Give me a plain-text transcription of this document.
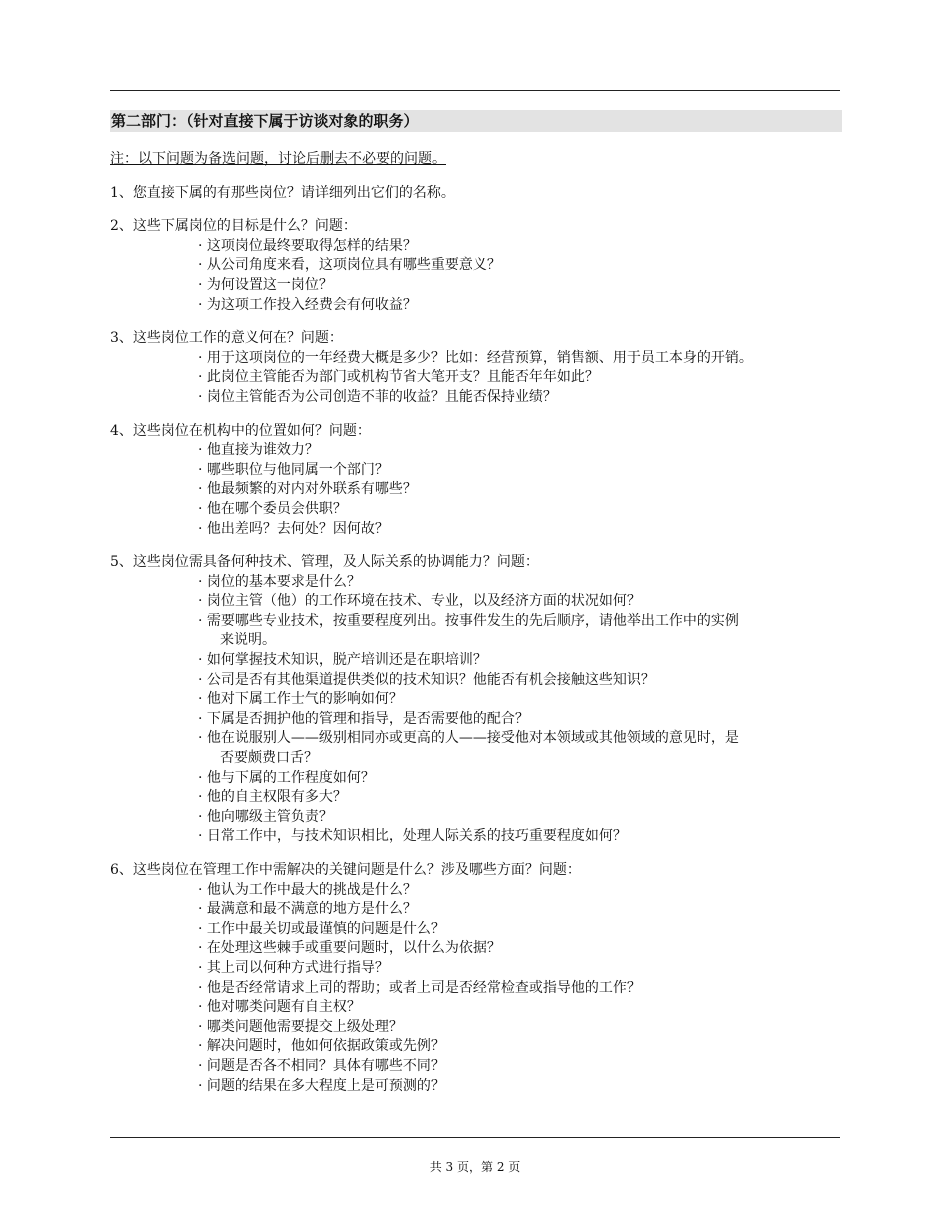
第二部门：（针对直接下属于访谈对象的职务）

注：以下问题为备选问题，讨论后删去不必要的问题。

1、您直接下属的有那些岗位？请详细列出它们的名称。

2、这些下属岗位的目标是什么？问题：

· 这项岗位最终要取得怎样的结果？
· 从公司角度来看，这项岗位具有哪些重要意义？
· 为何设置这一岗位？
· 为这项工作投入经费会有何收益？

3、这些岗位工作的意义何在？问题：

· 用于这项岗位的一年经费大概是多少？比如：经营预算，销售额、用于员工本身的开销。
· 此岗位主管能否为部门或机构节省大笔开支？且能否年年如此？
· 岗位主管能否为公司创造不菲的收益？且能否保持业绩？

4、这些岗位在机构中的位置如何？问题：

· 他直接为谁效力？
· 哪些职位与他同属一个部门？
· 他最频繁的对内对外联系有哪些？
· 他在哪个委员会供职？
· 他出差吗？去何处？因何故？

5、这些岗位需具备何种技术、管理，及人际关系的协调能力？问题：

· 岗位的基本要求是什么？
· 岗位主管（他）的工作环境在技术、专业，以及经济方面的状况如何？
· 需要哪些专业技术，按重要程度列出。按事件发生的先后顺序，请他举出工作中的实例
来说明。
· 如何掌握技术知识，脱产培训还是在职培训？
· 公司是否有其他渠道提供类似的技术知识？他能否有机会接触这些知识？
· 他对下属工作士气的影响如何？
· 下属是否拥护他的管理和指导，是否需要他的配合？
· 他在说服别人——级别相同亦或更高的人——接受他对本领域或其他领域的意见时，是
否要颇费口舌？
· 他与下属的工作程度如何？
· 他的自主权限有多大？
· 他向哪级主管负责？
· 日常工作中，与技术知识相比，处理人际关系的技巧重要程度如何？

6、这些岗位在管理工作中需解决的关键问题是什么？涉及哪些方面？问题：

· 他认为工作中最大的挑战是什么？
· 最满意和最不满意的地方是什么？
· 工作中最关切或最谨慎的问题是什么？
· 在处理这些棘手或重要问题时，以什么为依据？
· 其上司以何种方式进行指导？
· 他是否经常请求上司的帮助；或者上司是否经常检查或指导他的工作？
· 他对哪类问题有自主权？
· 哪类问题他需要提交上级处理？
· 解决问题时，他如何依据政策或先例？
· 问题是否各不相同？具体有哪些不同？
· 问题的结果在多大程度上是可预测的？
共 3 页，第 2 页
